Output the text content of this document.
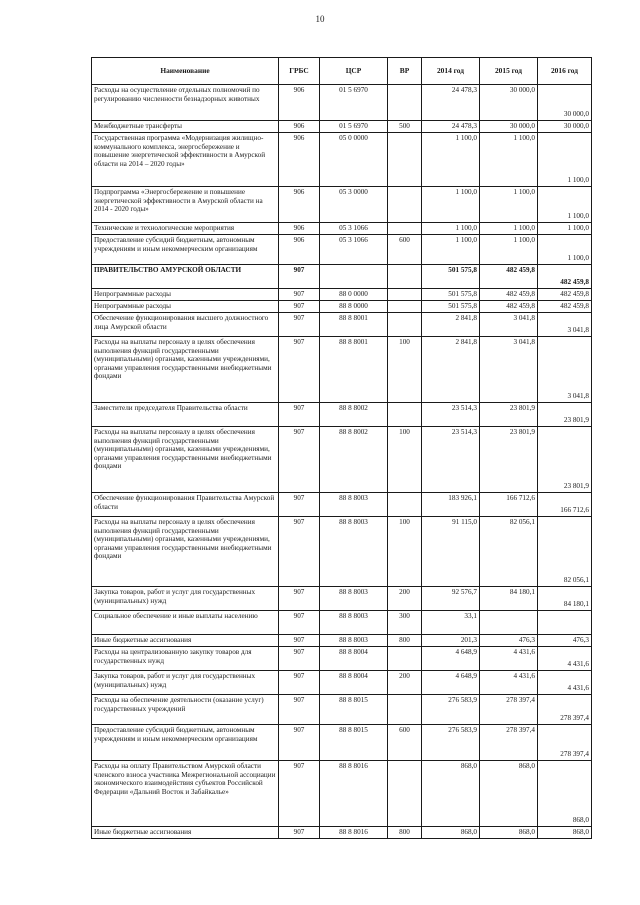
10
Наименование	ГРБС	ЦСР	ВР	2014 год	2015 год	2016 год
Расходы на осуществление отдельных полномочий по регулированию численности безнадзорных животных	906	01 5 6970		24 478,3	30 000,0	30 000,0
Межбюджетные трансферты	906	01 5 6970	500	24 478,3	30 000,0	30 000,0
Государственная программа «Модернизация жилищно-коммунального комплекса, энергосбережение и повышение энергетической эффективности в Амурской области на 2014 – 2020 годы»	906	05 0 0000		1 100,0	1 100,0	1 100,0
Подпрограмма «Энергосбережение и повышение энергетической эффективности в Амурской области на 2014 - 2020 годы»	906	05 3 0000		1 100,0	1 100,0	1 100,0
Технические и технологические мероприятия	906	05 3 1066		1 100,0	1 100,0	1 100,0
Предоставление субсидий бюджетным, автономным учреждениям и иным некоммерческим организациям	906	05 3 1066	600	1 100,0	1 100,0	1 100,0
ПРАВИТЕЛЬСТВО АМУРСКОЙ ОБЛАСТИ	907			501 575,8	482 459,8	482 459,8
Непрограммные расходы	907	88 0 0000		501 575,8	482 459,8	482 459,8
Непрограммные расходы	907	88 8 0000		501 575,8	482 459,8	482 459,8
Обеспечение функционирования высшего должностного лица Амурской области	907	88 8 8001		2 841,8	3 041,8	3 041,8
Расходы на выплаты персоналу в целях обеспечения выполнения функций государственными (муниципальными) органами, казенными учреждениями, органами управления государственными внебюджетными фондами	907	88 8 8001	100	2 841,8	3 041,8	3 041,8
Заместители председателя Правительства области	907	88 8 8002		23 514,3	23 801,9	23 801,9
Расходы на выплаты персоналу в целях обеспечения выполнения функций государственными (муниципальными) органами, казенными учреждениями, органами управления государственными внебюджетными фондами	907	88 8 8002	100	23 514,3	23 801,9	23 801,9
Обеспечение функционирования Правительства Амурской области	907	88 8 8003		183 926,1	166 712,6	166 712,6
Расходы на выплаты персоналу в целях обеспечения выполнения функций государственными (муниципальными) органами, казенными учреждениями, органами управления государственными внебюджетными фондами	907	88 8 8003	100	91 115,0	82 056,1	82 056,1
Закупка товаров, работ и услуг для государственных (муниципальных) нужд	907	88 8 8003	200	92 576,7	84 180,1	84 180,1
Социальное обеспечение и иные выплаты населению	907	88 8 8003	300	33,1		
Иные бюджетные ассигнования	907	88 8 8003	800	201,3	476,3	476,3
Расходы на централизованную закупку товаров для государственных нужд	907	88 8 8004		4 648,9	4 431,6	4 431,6
Закупка товаров, работ и услуг для государственных (муниципальных) нужд	907	88 8 8004	200	4 648,9	4 431,6	4 431,6
Расходы на обеспечение деятельности (оказание услуг) государственных учреждений	907	88 8 8015		276 583,9	278 397,4	278 397,4
Предоставление субсидий бюджетным, автономным учреждениям и иным некоммерческим организациям	907	88 8 8015	600	276 583,9	278 397,4	278 397,4
Расходы на оплату Правительством Амурской области членского взноса участника Межрегиональной ассоциации экономического взаимодействия субъектов Российской Федерации «Дальний Восток и Забайкалье»	907	88 8 8016		868,0	868,0	868,0
Иные бюджетные ассигнования	907	88 8 8016	800	868,0	868,0	868,0
